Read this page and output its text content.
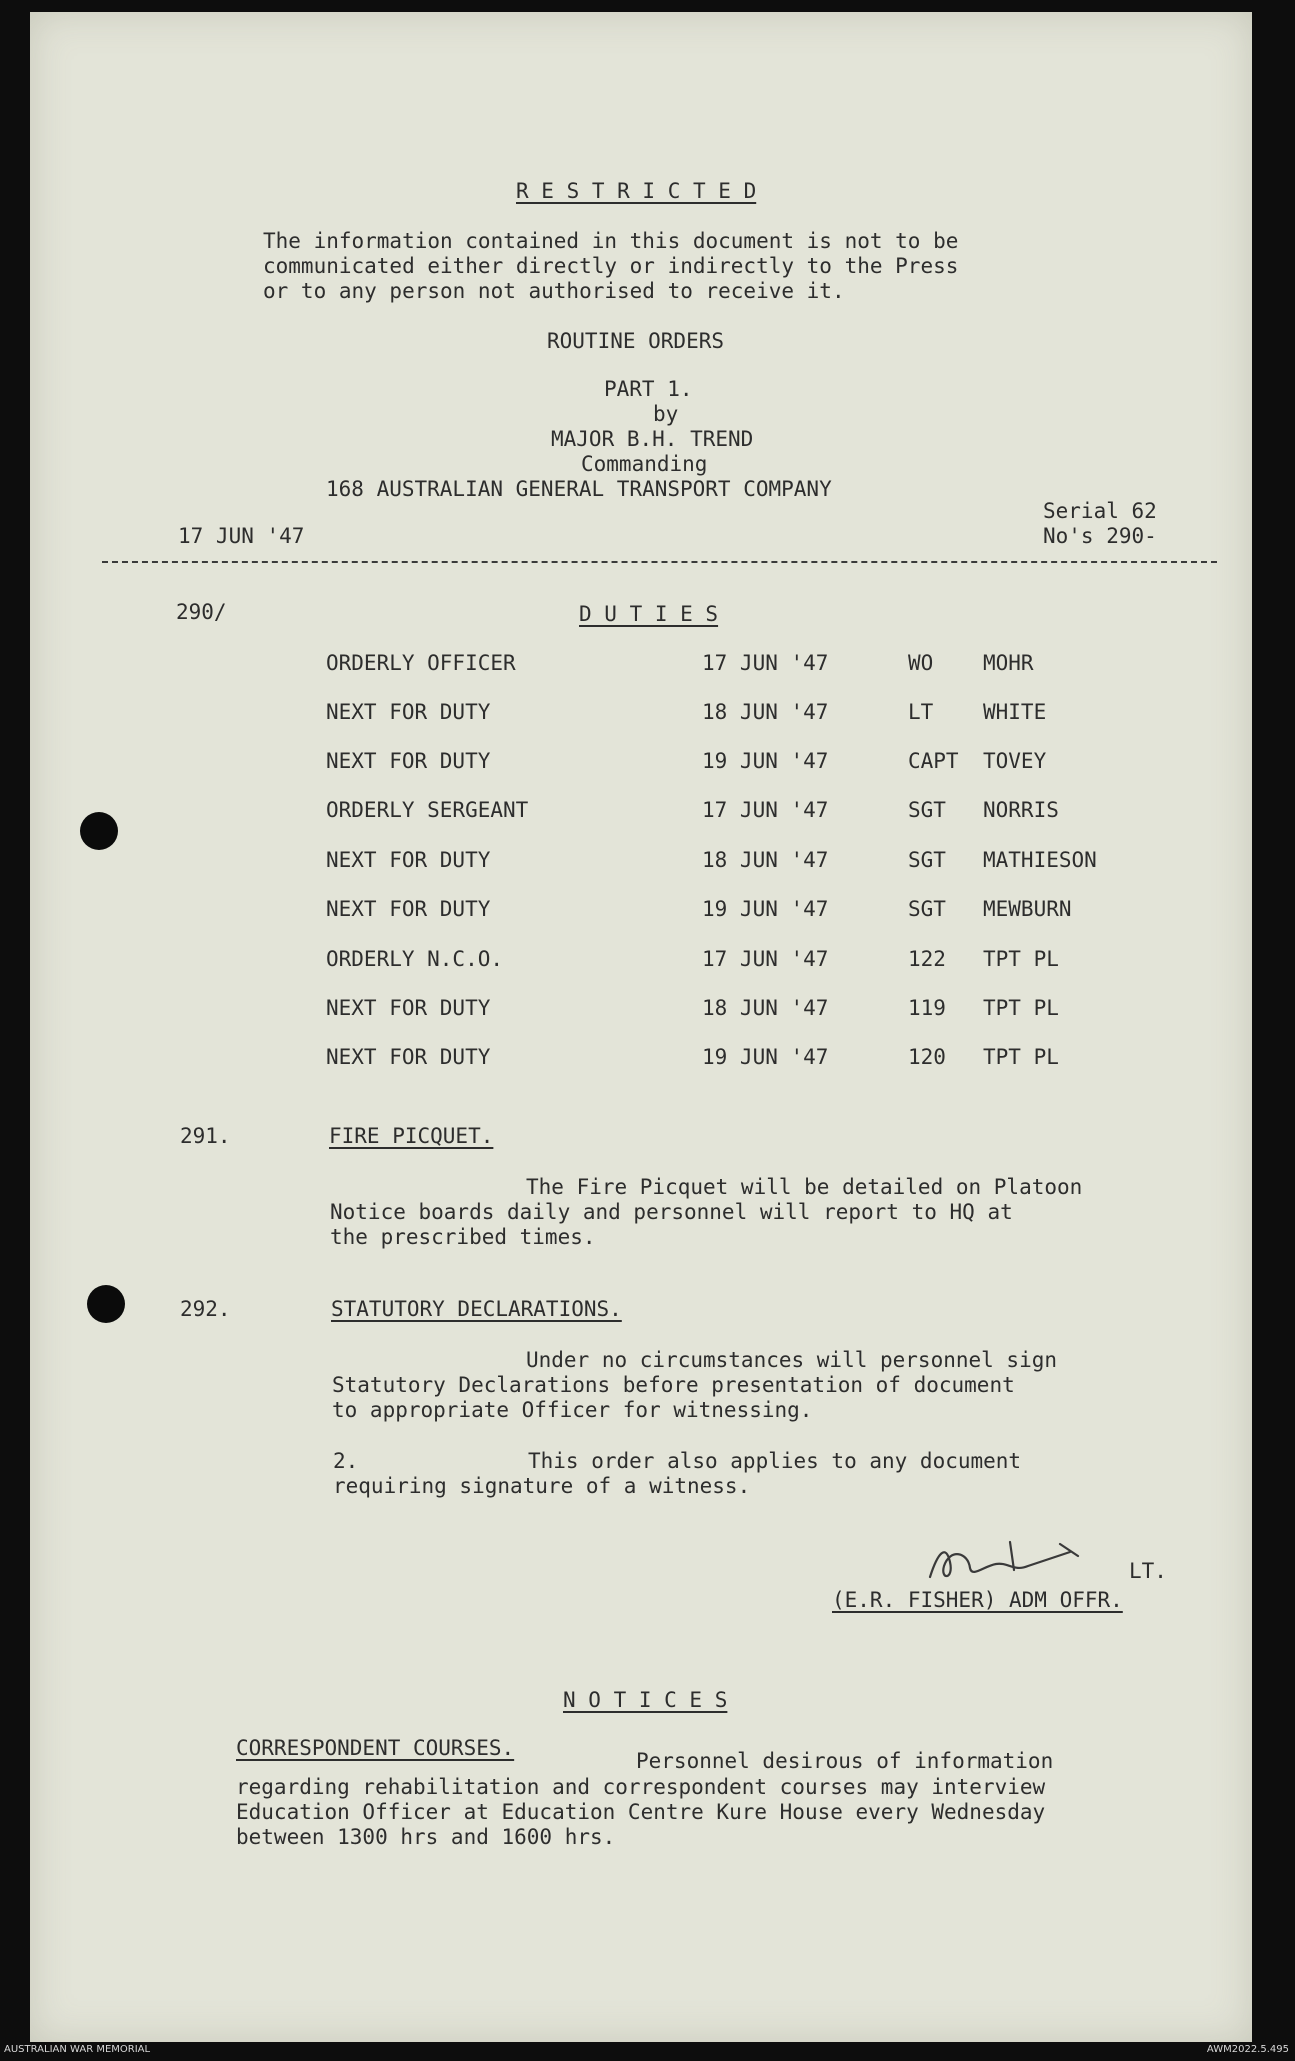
R E S T R I C T E D
The information contained in this document is not to be
communicated either directly or indirectly to the Press
or to any person not authorised to receive it.
ROUTINE ORDERS
PART 1.
by
MAJOR B.H. TREND
Commanding
168 AUSTRALIAN GENERAL TRANSPORT COMPANY
17 JUN '47
Serial 62
No's 290-
290/	D U T I E S
ORDERLY OFFICER	17 JUN '47	WO MOHR
NEXT FOR DUTY	18 JUN '47	LT WHITE
NEXT FOR DUTY	19 JUN '47	CAPT TOVEY
ORDERLY SERGEANT	17 JUN '47	SGT NORRIS
NEXT FOR DUTY	18 JUN '47	SGT MATHIESON
NEXT FOR DUTY	19 JUN '47	SGT MEWBURN
ORDERLY N.C.O.	17 JUN '47	122 TPT PL
NEXT FOR DUTY	18 JUN '47	119 TPT PL
NEXT FOR DUTY	19 JUN '47	120 TPT PL
291.	FIRE PICQUET.
The Fire Picquet will be detailed on Platoon
Notice boards daily and personnel will report to HQ at
the prescribed times.
292.	STATUTORY DECLARATIONS.
Under no circumstances will personnel sign
Statutory Declarations before presentation of document
to appropriate Officer for witnessing.
2.	This order also applies to any document
requiring signature of a witness.
LT.
(E.R. FISHER) ADM OFFR.
N O T I C E S
CORRESPONDENT COURSES.
Personnel desirous of information
regarding rehabilitation and correspondent courses may interview
Education Officer at Education Centre Kure House every Wednesday
between 1300 hrs and 1600 hrs.
AUSTRALIAN WAR MEMORIAL	AWM2022.5.495
